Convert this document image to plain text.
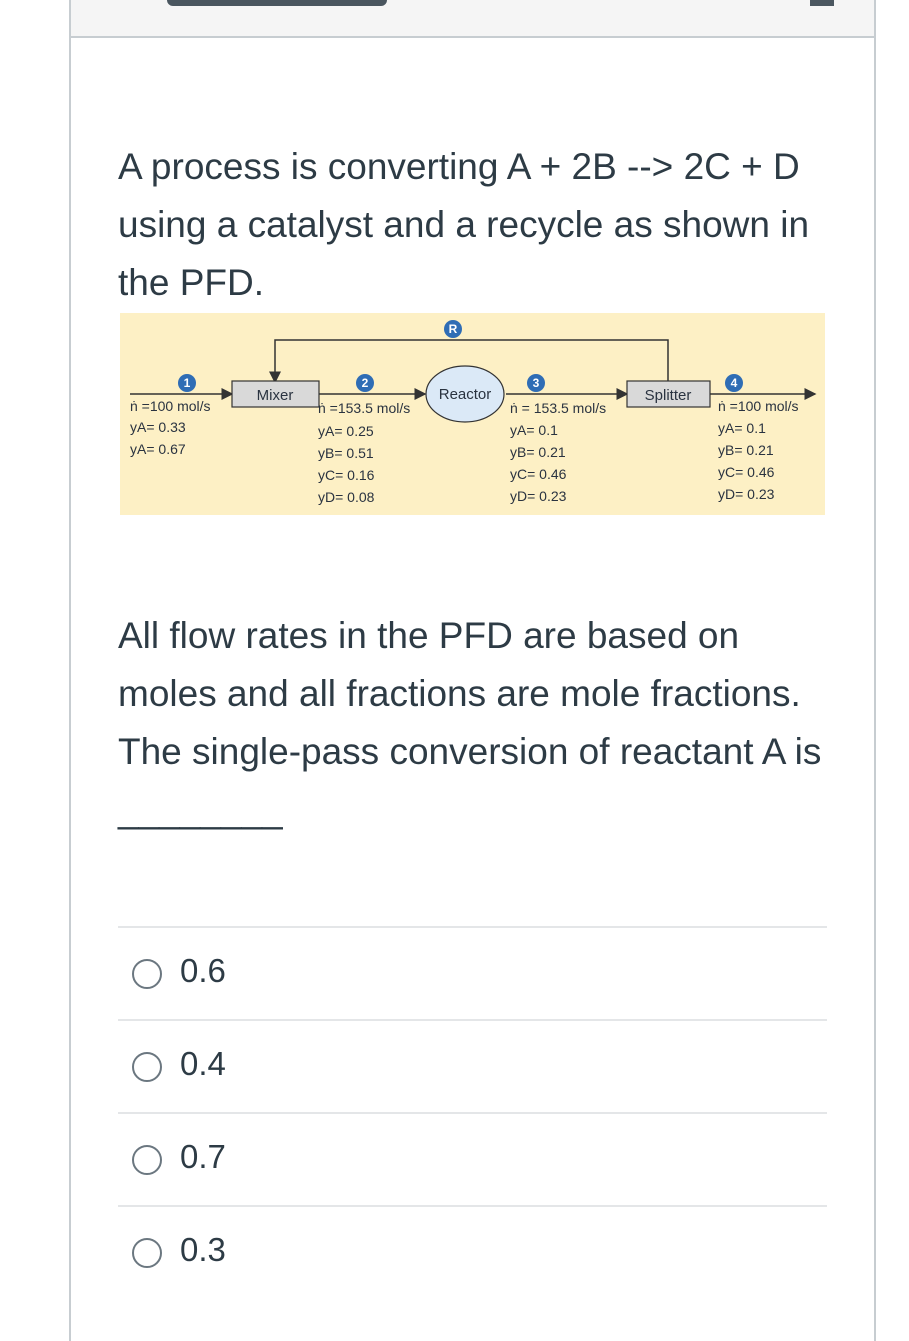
A process is converting A + 2B --> 2C + D using a catalyst and a recycle as shown in the PFD.

R
Mixer	Reactor	Splitter
1	2	3	4
ṅ =100 mol/s
yA= 0.33
yA= 0.67
ṅ =153.5 mol/s
yA= 0.25
yB= 0.51
yC= 0.16
yD= 0.08
ṅ = 153.5 mol/s
yA= 0.1
yB= 0.21
yC= 0.46
yD= 0.23
ṅ =100 mol/s
yA= 0.1
yB= 0.21
yC= 0.46
yD= 0.23

All flow rates in the PFD are based on moles and all fractions are mole fractions. The single-pass conversion of reactant A is ________

0.6
0.4
0.7
0.3
